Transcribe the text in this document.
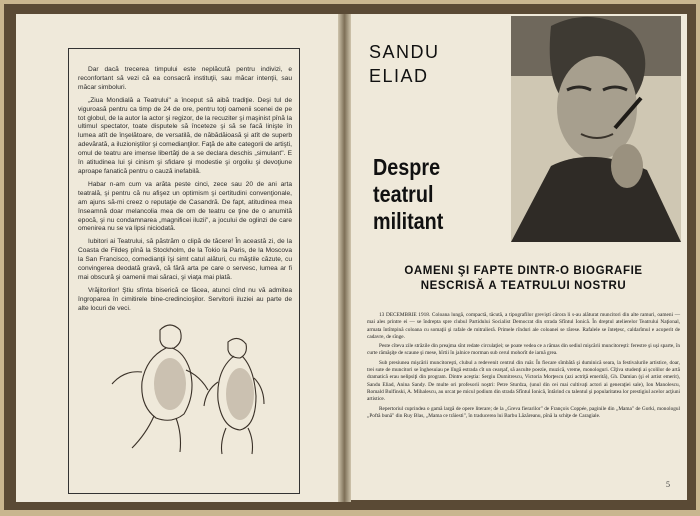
Dar dacă trecerea timpului este neplăcută pentru indivizi, e reconfortant să vezi că ea consacră instituţii, sau măcar intenţii, sau măcar simboluri.

„Ziua Mondială a Teatrului" a început să aibă tradiţie. Deşi tul de viguroasă pentru ca timp de 24 de ore, pentru toţi oamenii scenei de pe tot globul, de la autor la actor şi regizor, de la recuziter şi maşinist pînă la ultimul spectator, toate disputele să înceteze şi să se facă linişte în lumea atît de înşelătoare, de versatilă, de năbădăioasă şi atît de superb adevărată, a iluzioniştilor şi comedianţilor. Faţă de alte categorii de artişti, omul de teatru are imense libertăţi de a se declara deschis „simulant". E în atitudinea lui şi cinism şi sfidare şi modestie şi orgoliu şi devoţiune aproape fanatică pentru o cauză inefabilă.

Habar n-am cum va arăta peste cinci, zece sau 20 de ani arta teatrală, şi pentru că nu afişez un optimism şi certitudini convenţionale, am ajuns să-mi creez o reputaţie de Casandră. De fapt, atitudinea mea înseamnă doar melancolia mea de om de teatru ce ţine de o anumită epocă, şi nu condamnarea „magnificei iluzii", a jocului de oglinzi de care omenirea nu se va lipsi niciodată.

Iubitori ai Teatrului, să păstrăm o clipă de tăcere! În această zi, de la Coasta de Fildeş pînă la Stockholm, de la Tokio la Paris, de la Moscova la San Francisco, comedianţii îşi simt catul alături, cu măştile căzute, cu convingerea deodată gravă, că fără arta pe care o servesc, lumea ar fi mai obscură şi oamenii mai săraci, şi viaţa mai plată.

Vrăjitorilor! Ştiu sfînta biserică ce făcea, atunci cînd nu vă admitea îngroparea în cimitirele bine-credincioşilor. Servitorii iluziei au parte de alte locuri de veci.

SANDU
ELIAD
Despre
teatrul
militant
OAMENI ŞI FAPTE DINTR-O BIOGRAFIE NESCRISĂ A TEATRULUI NOSTRU

13 DECEMBRIE 1918. Coloana lungă, compactă, tăcută, a tipografilor greviştí cărora li s-au alăturat muncitori din alte ramuri, oameni — mai ales printre ei — se îndrepta spre clubul Partidului Socialist Democrat din strada Sfîntul Ionică. În dreptul atelierelor Teatrului Naţional, armata întîmpină coloana cu somaţii şi rafale de mitralieră. Primele rînduri ale coloanei se rărese. Rafalele se înteţesc, caldarîmul e acoperit de cadavre, de sînge.

Peste cîteva zile străzile din preajma sînt redate circulaţiei; se poate vedea ce a rămas din sediul mişcării muncitoreşti: ferestre şi uşi sparte, în curte rămăşiţe de scaune şi mese, hîrtii în jalnice morman sub cerul mohorît de iarnă grea.

Sub presiunea mişcării muncitoreşti, clubul a redevenit centrul din ruăr. În fiecare sîmbătă şi duminică seara, la festivalurile artistice, doar, trei sute de muncitori se înghesuiau pe lîngă estrada cît un cearşaf, să asculte poezie, muzică, vreme, monologuri. Cîţiva studenţi ai şcolilor de artă dramatică erau nelipsiţi din program. Dintre aceştia: Sergiu Dumitrescu, Victoria Morţescu (azi actriţă emerită), Gh. Damian (şi el artist emerit), Sandu Eliad, Anina Sandy. De multe ori profesorii noştri: Petre Sturdza, (unul din cei mai cultivaţi actori ai generaţiei sale), Ion Manolescu, Romald Bulfinski, A. Mihalescu, au urcat pe micul podium din strada Sfîntul Ionică, întărind cu talentul şi popularitatea lor prestigiul acelor acţiuni artistice.

Repertoriul cuprindea o gamă largă de opere literare; de la „Greva fierarilor" de François Coppée, paginile din „Mama" de Gorki, monologul „Poftă bună" din Ruy Blas, „Mama ce trăiesti", în traducerea lui Barbu Lăzăreanu, pînă la schiţe de Caragiale.

5
